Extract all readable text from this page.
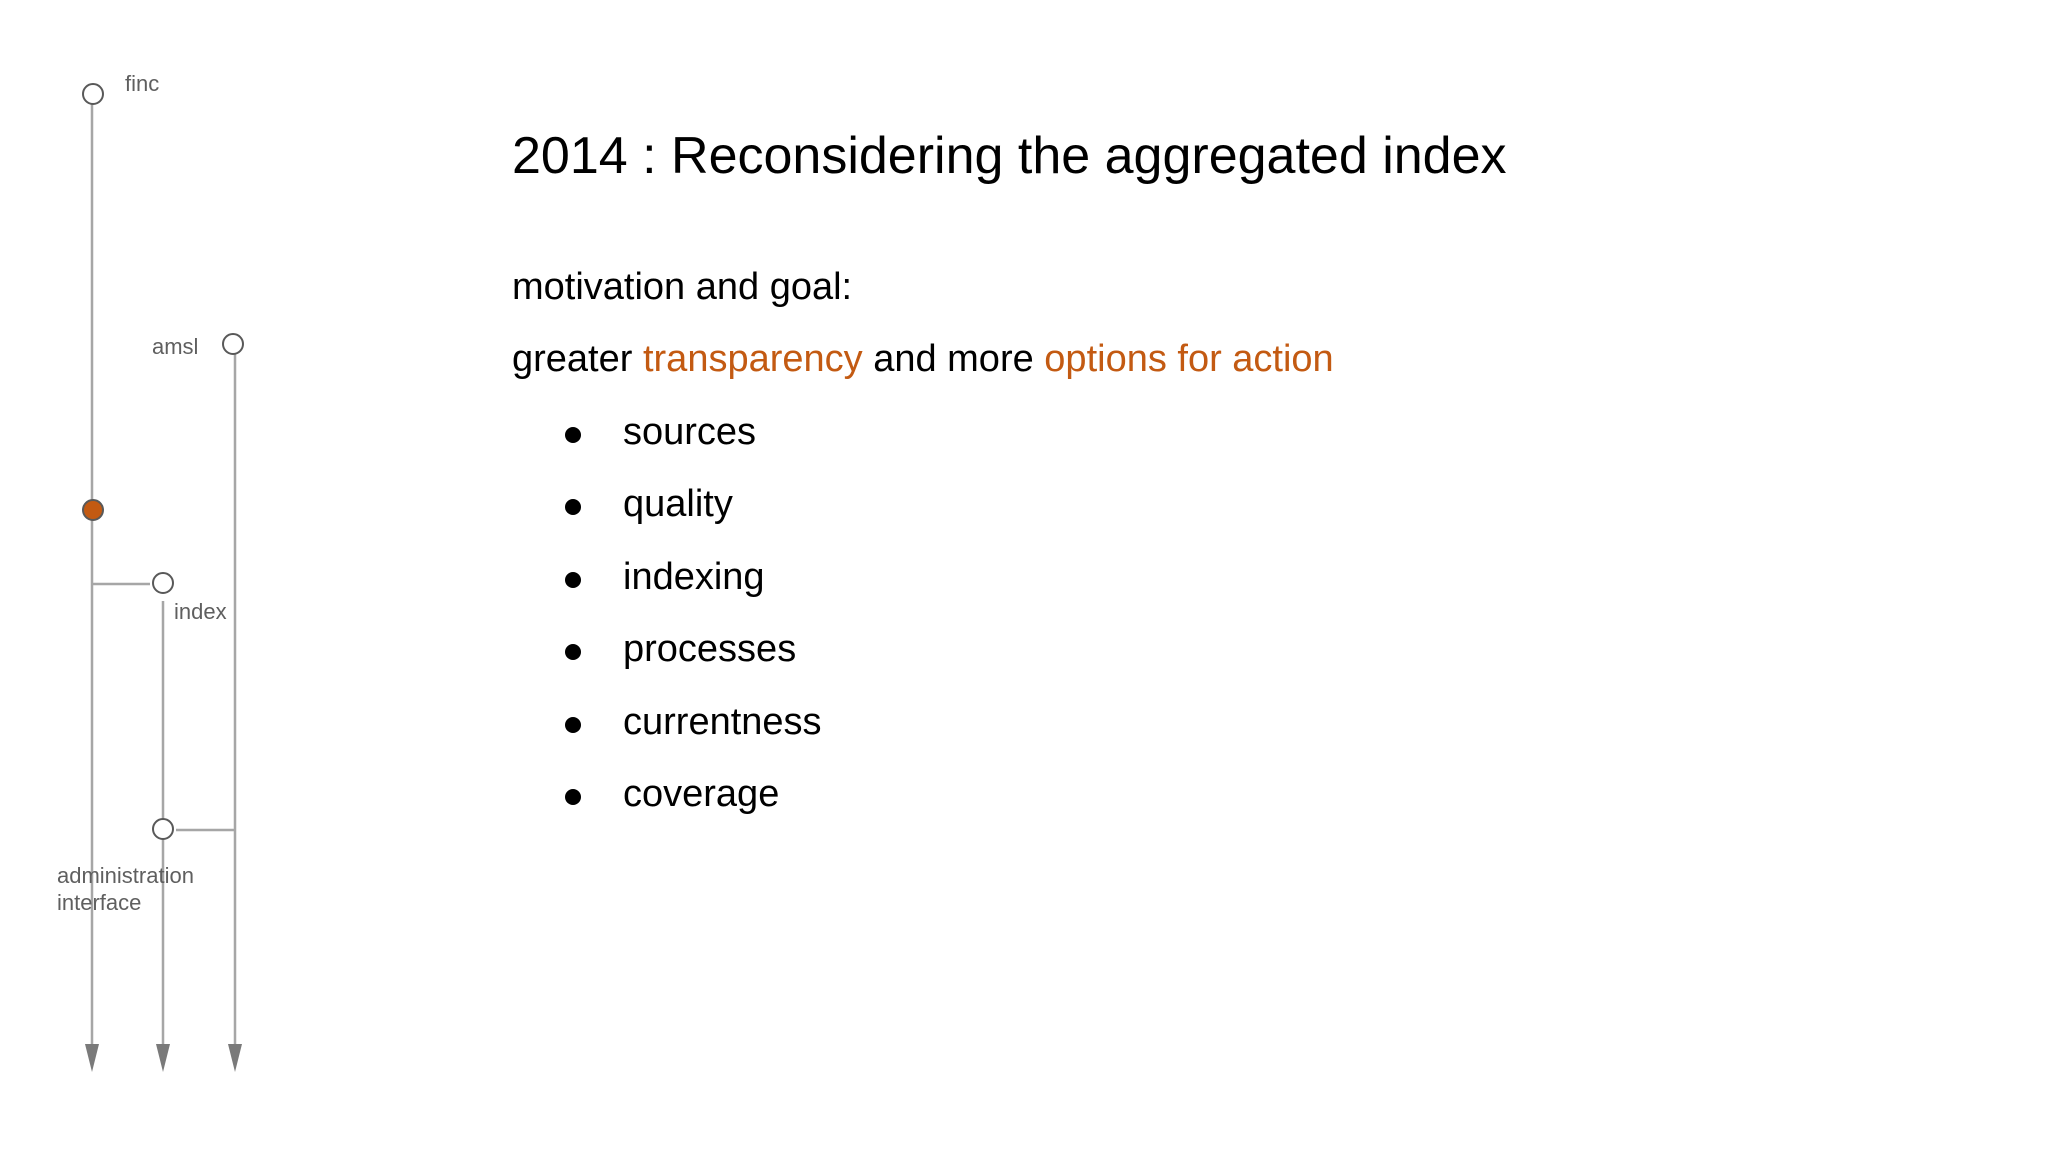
finc
amsl
index
administration
interface
2014 : Reconsidering the aggregated index

motivation and goal:

greater transparency and more options for action

sources
quality
indexing
processes
currentness
coverage
